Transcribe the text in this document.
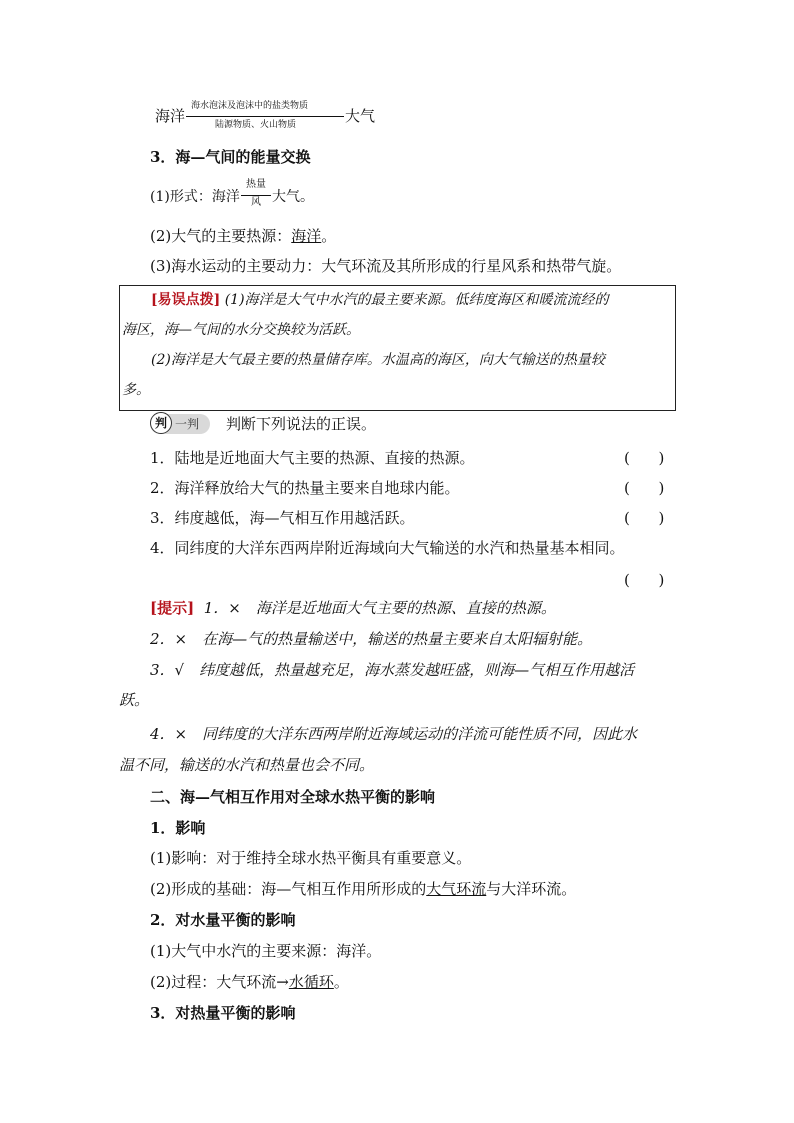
海洋
海水泡沫及泡沫中的盐类物质
陆源物质、火山物质	大气
3．海—气间的能量交换
(1)形式：海洋
热量
风 大气。
(2)大气的主要热源：海洋。
(3)海水运动的主要动力：大气环流及其所形成的行星风系和热带气旋。
[易误点拨] (1)海洋是大气中水汽的最主要来源。低纬度海区和暖流流经的
海区，海—气间的水分交换较为活跃。
(2)海洋是大气最主要的热量储存库。水温高的海区，向大气输送的热量较
多。
判 一判 判断下列说法的正误。
1．陆地是近地面大气主要的热源、直接的热源。	(      )
2．海洋释放给大气的热量主要来自地球内能。	(      )
3．纬度越低，海—气相互作用越活跃。	(      )
4．同纬度的大洋东西两岸附近海域向大气输送的水汽和热量基本相同。
(      )
[提示] 1．×　海洋是近地面大气主要的热源、直接的热源。
2．×　在海—气的热量输送中，输送的热量主要来自太阳辐射能。
3．√　纬度越低，热量越充足，海水蒸发越旺盛，则海—气相互作用越活
跃。
4．×　同纬度的大洋东西两岸附近海域运动的洋流可能性质不同，因此水
温不同，输送的水汽和热量也会不同。
二、海—气相互作用对全球水热平衡的影响
1．影响
(1)影响：对于维持全球水热平衡具有重要意义。
(2)形成的基础：海—气相互作用所形成的大气环流与大洋环流。
2．对水量平衡的影响
(1)大气中水汽的主要来源：海洋。
(2)过程：大气环流→水循环。
3．对热量平衡的影响
